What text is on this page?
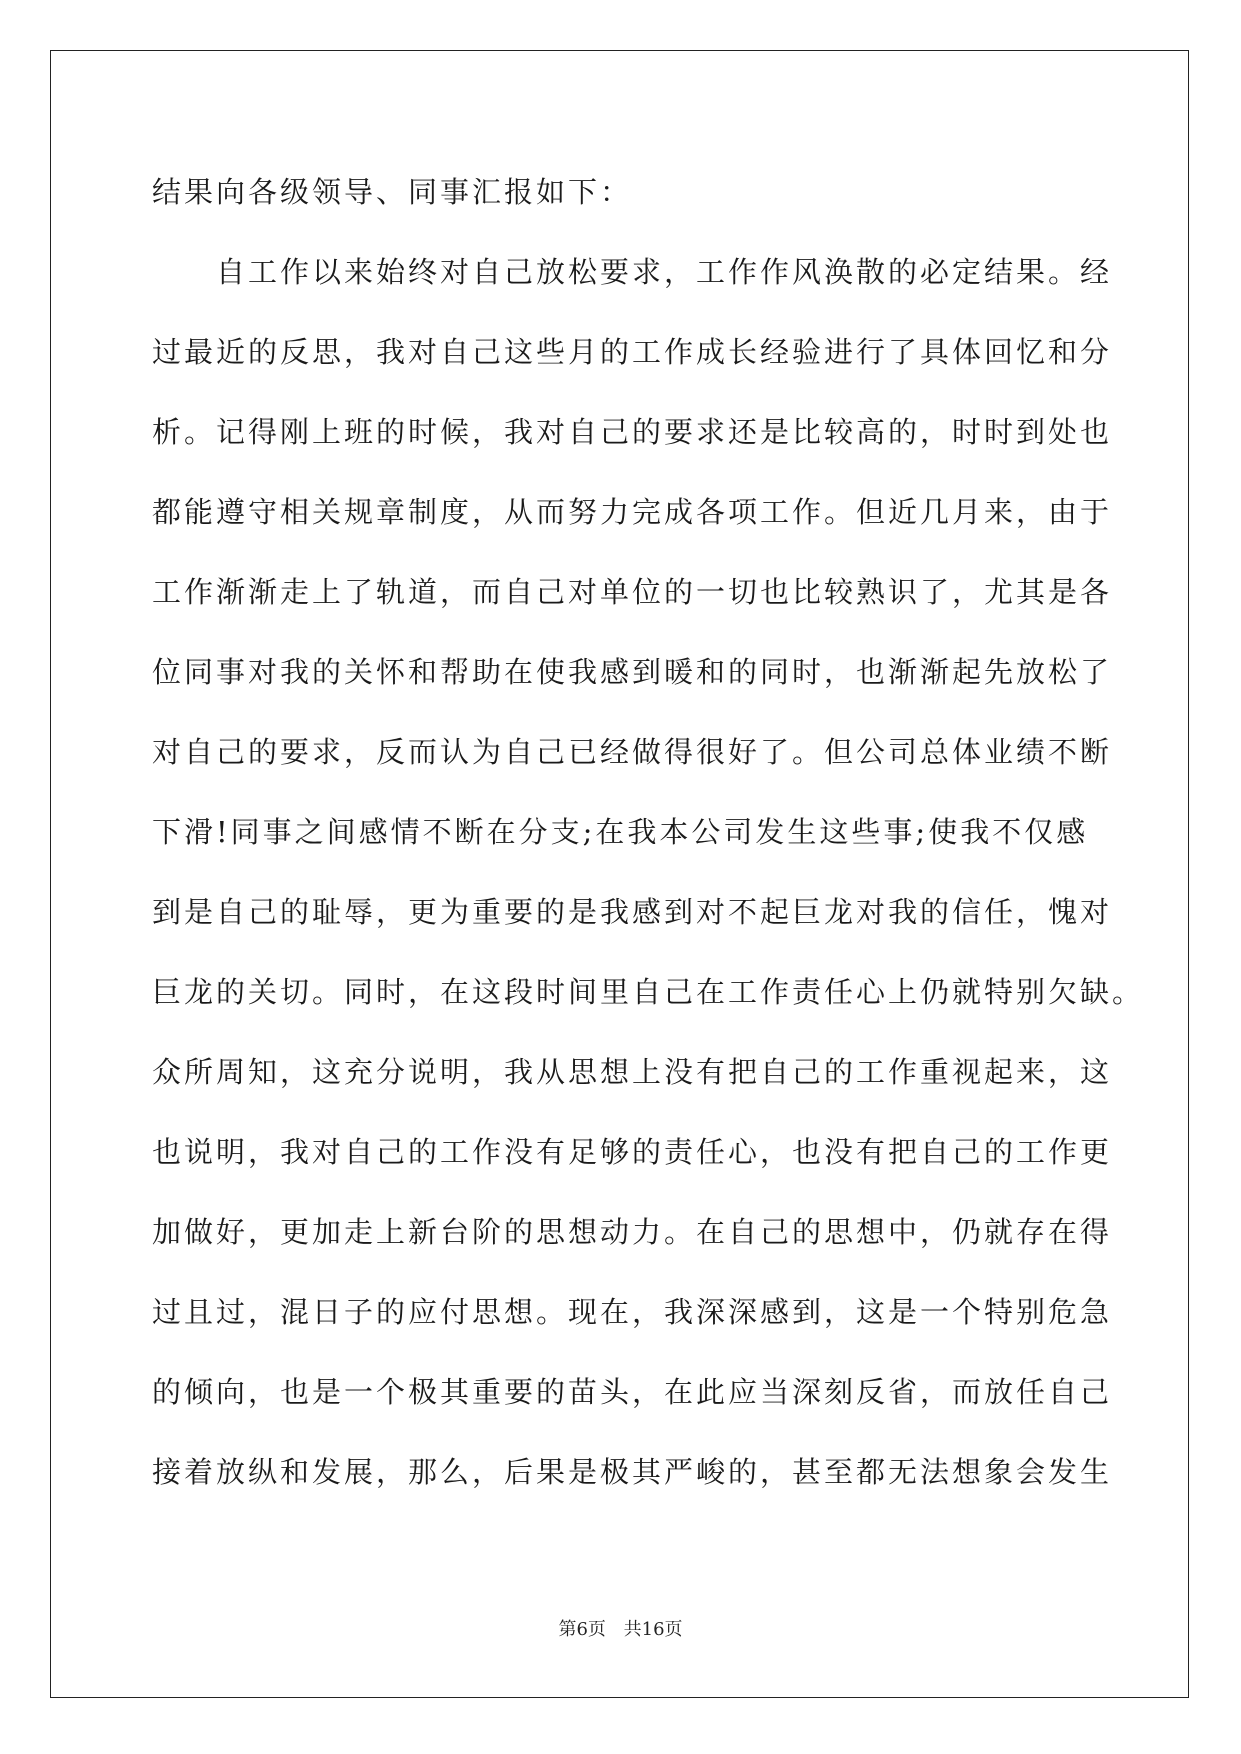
结果向各级领导、同事汇报如下：
　　自工作以来始终对自己放松要求，工作作风涣散的必定结果。经
过最近的反思，我对自己这些月的工作成长经验进行了具体回忆和分
析。记得刚上班的时候，我对自己的要求还是比较高的，时时到处也
都能遵守相关规章制度，从而努力完成各项工作。但近几月来，由于
工作渐渐走上了轨道，而自己对单位的一切也比较熟识了，尤其是各
位同事对我的关怀和帮助在使我感到暖和的同时，也渐渐起先放松了
对自己的要求，反而认为自己已经做得很好了。但公司总体业绩不断
下滑!同事之间感情不断在分支;在我本公司发生这些事;使我不仅感
到是自己的耻辱，更为重要的是我感到对不起巨龙对我的信任，愧对
巨龙的关切。同时，在这段时间里自己在工作责任心上仍就特别欠缺。
众所周知，这充分说明，我从思想上没有把自己的工作重视起来，这
也说明，我对自己的工作没有足够的责任心，也没有把自己的工作更
加做好，更加走上新台阶的思想动力。在自己的思想中，仍就存在得
过且过，混日子的应付思想。现在，我深深感到，这是一个特别危急
的倾向，也是一个极其重要的苗头，在此应当深刻反省，而放任自己
接着放纵和发展，那么，后果是极其严峻的，甚至都无法想象会发生
第6页 共16页
